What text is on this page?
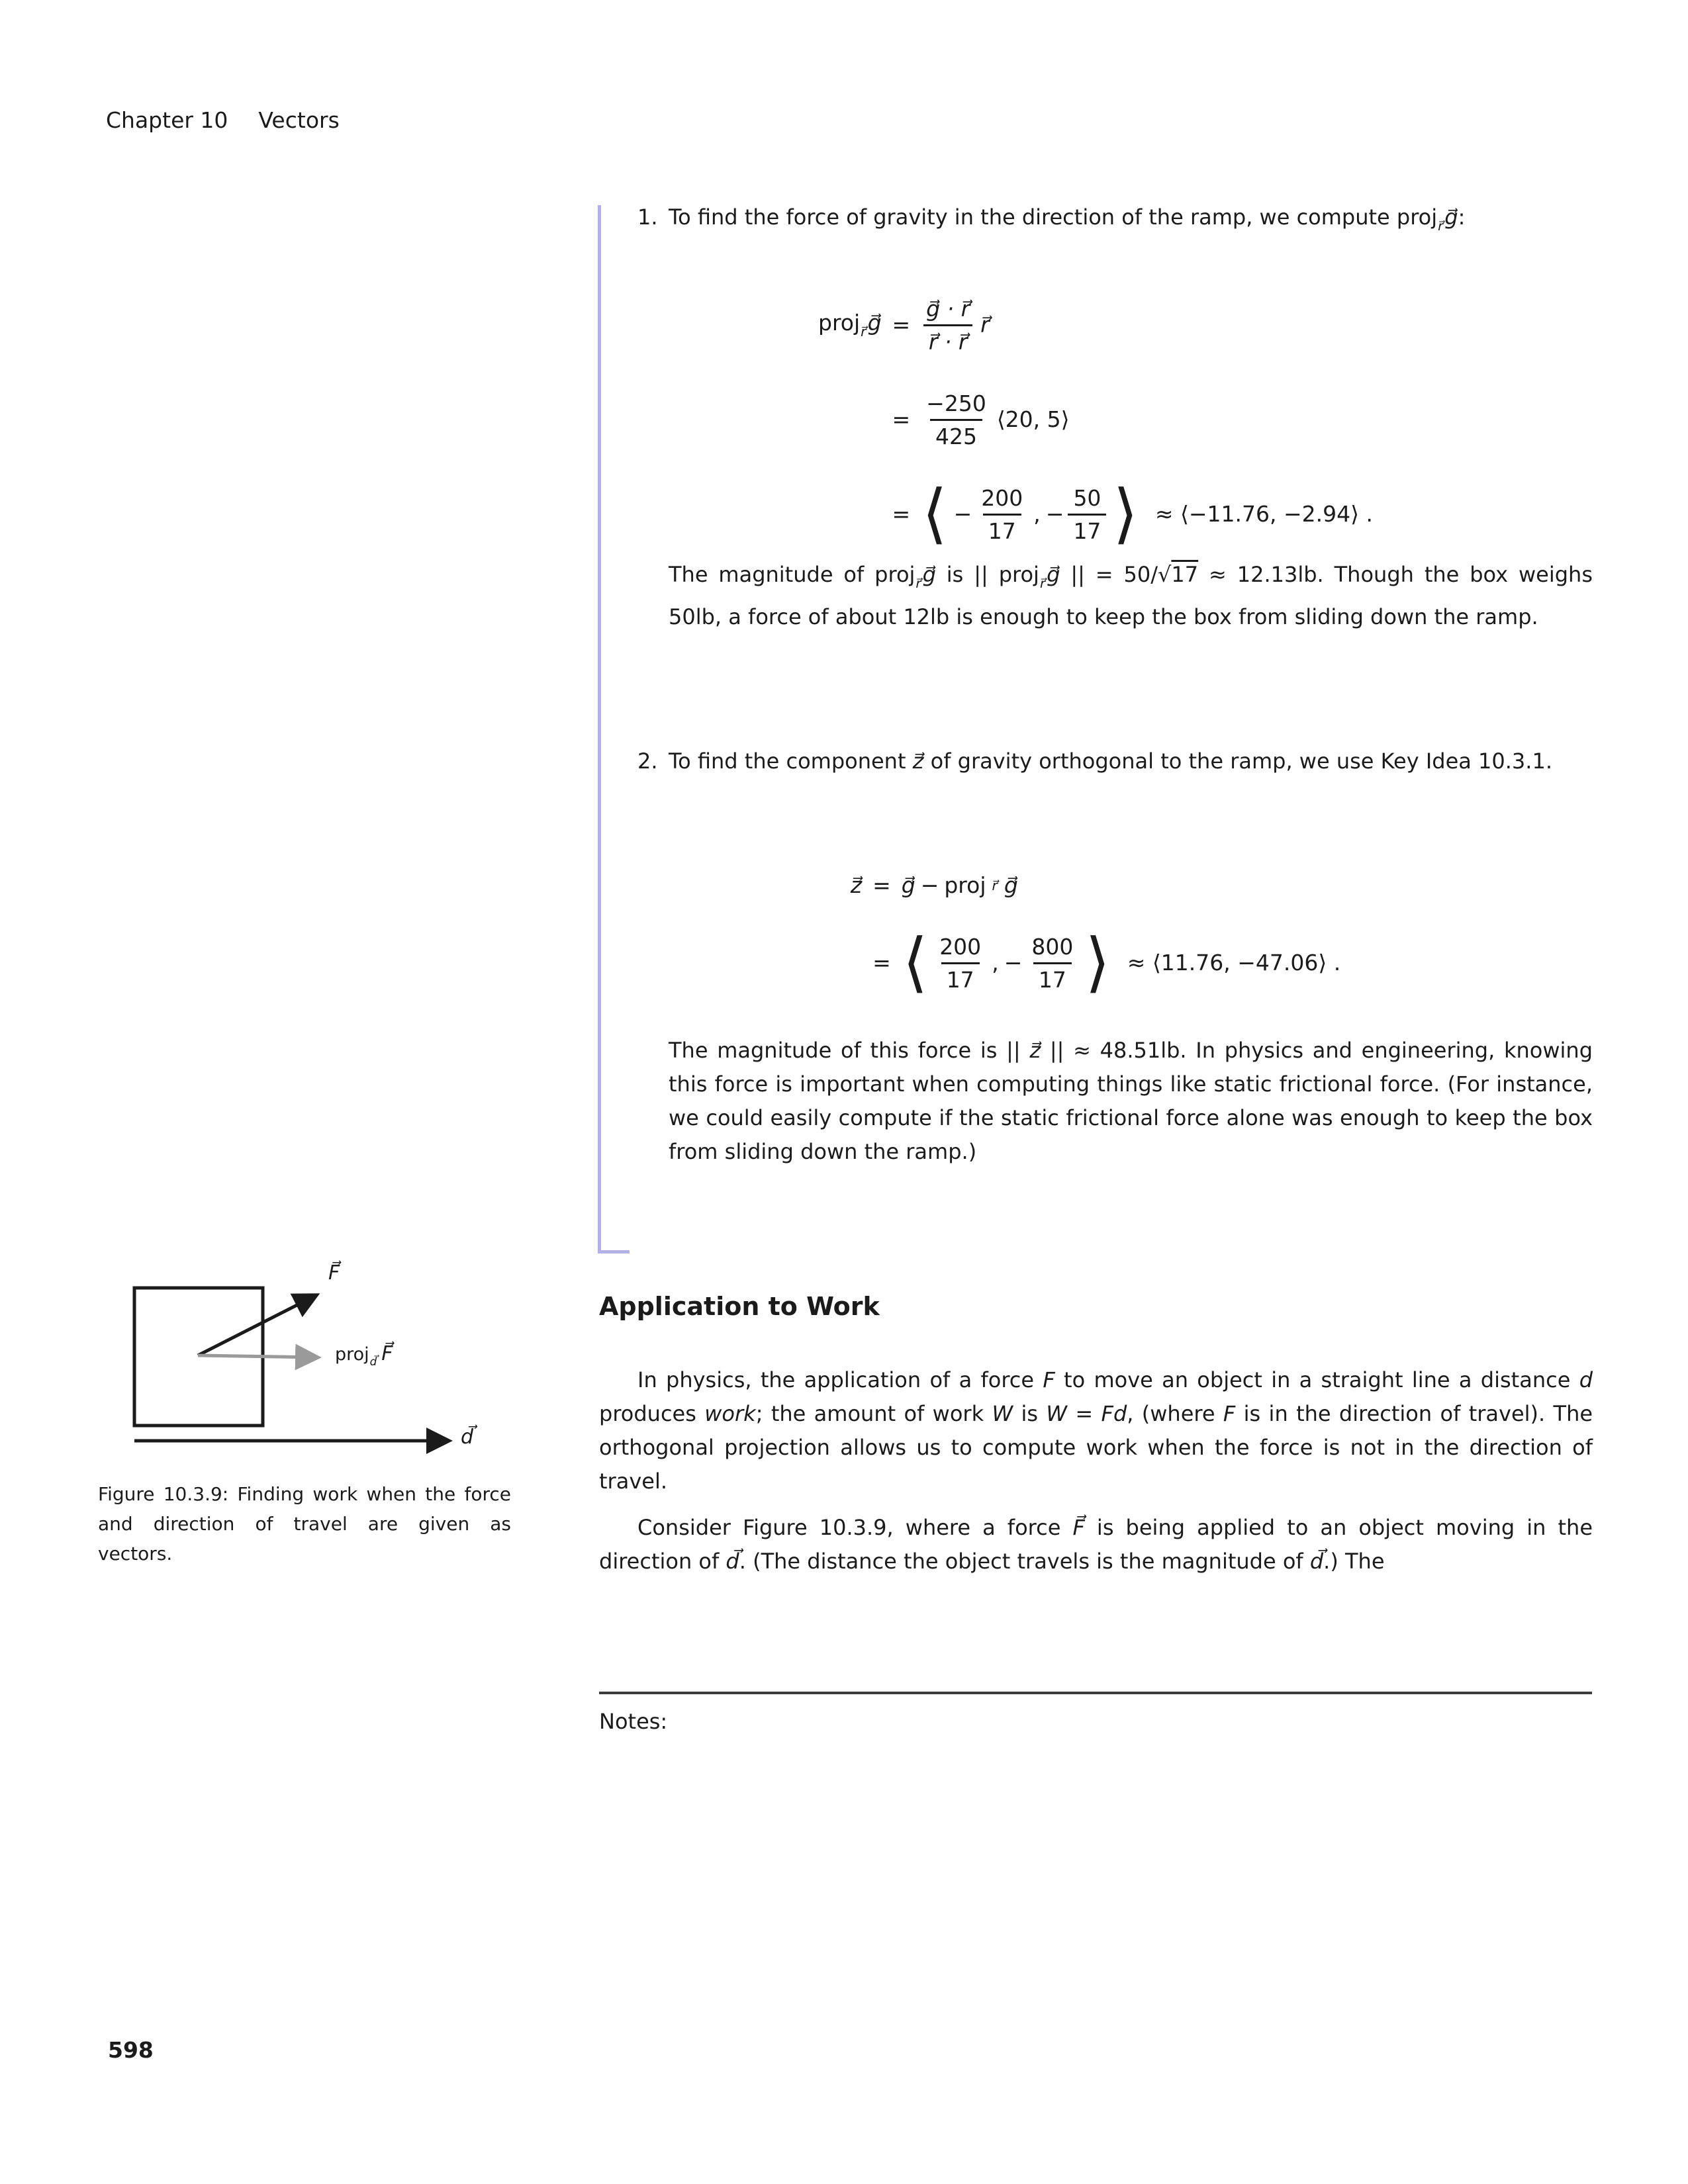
Chapter 10 Vectors
1. To find the force of gravity in the direction of the ramp, we compute proj$_{r⃗}$g⃗:
proj$_{r⃗}$g⃗ = $\frac{g⃗ \cdot r⃗}{r⃗ \cdot r⃗}$ r⃗
= $\frac{-250}{425}$ ⟨20, 5⟩
= ⟨ − $\frac{200}{17}$ , − $\frac{50}{17}$ ⟩ ≈ ⟨−11.76, −2.94⟩ .
The magnitude of proj$_{r⃗}$g⃗ is || proj$_{r⃗}$g⃗ || = 50/√17 ≈ 12.13lb. Though the box weighs 50lb, a force of about 12lb is enough to keep the box from sliding down the ramp.
2. To find the component z⃗ of gravity orthogonal to the ramp, we use Key Idea 10.3.1.
z⃗ = g⃗ − proj r⃗ g⃗
= ⟨ $\frac{200}{17}$ , − $\frac{800}{17}$ ⟩ ≈ ⟨11.76, −47.06⟩ .
The magnitude of this force is || z⃗ || ≈ 48.51lb. In physics and engineering, knowing this force is important when computing things like static frictional force. (For instance, we could easily compute if the static frictional force alone was enough to keep the box from sliding down the ramp.)
F⃗
proj$_{d⃗}$ F⃗
d⃗
Figure 10.3.9: Finding work when the force and direction of travel are given as vectors.
Application to Work
In physics, the application of a force F to move an object in a straight line a distance d produces work; the amount of work W is W = Fd, (where F is in the direction of travel). The orthogonal projection allows us to compute work when the force is not in the direction of travel.
Consider Figure 10.3.9, where a force F⃗ is being applied to an object moving in the direction of d⃗. (The distance the object travels is the magnitude of d⃗.) The
Notes:
598
